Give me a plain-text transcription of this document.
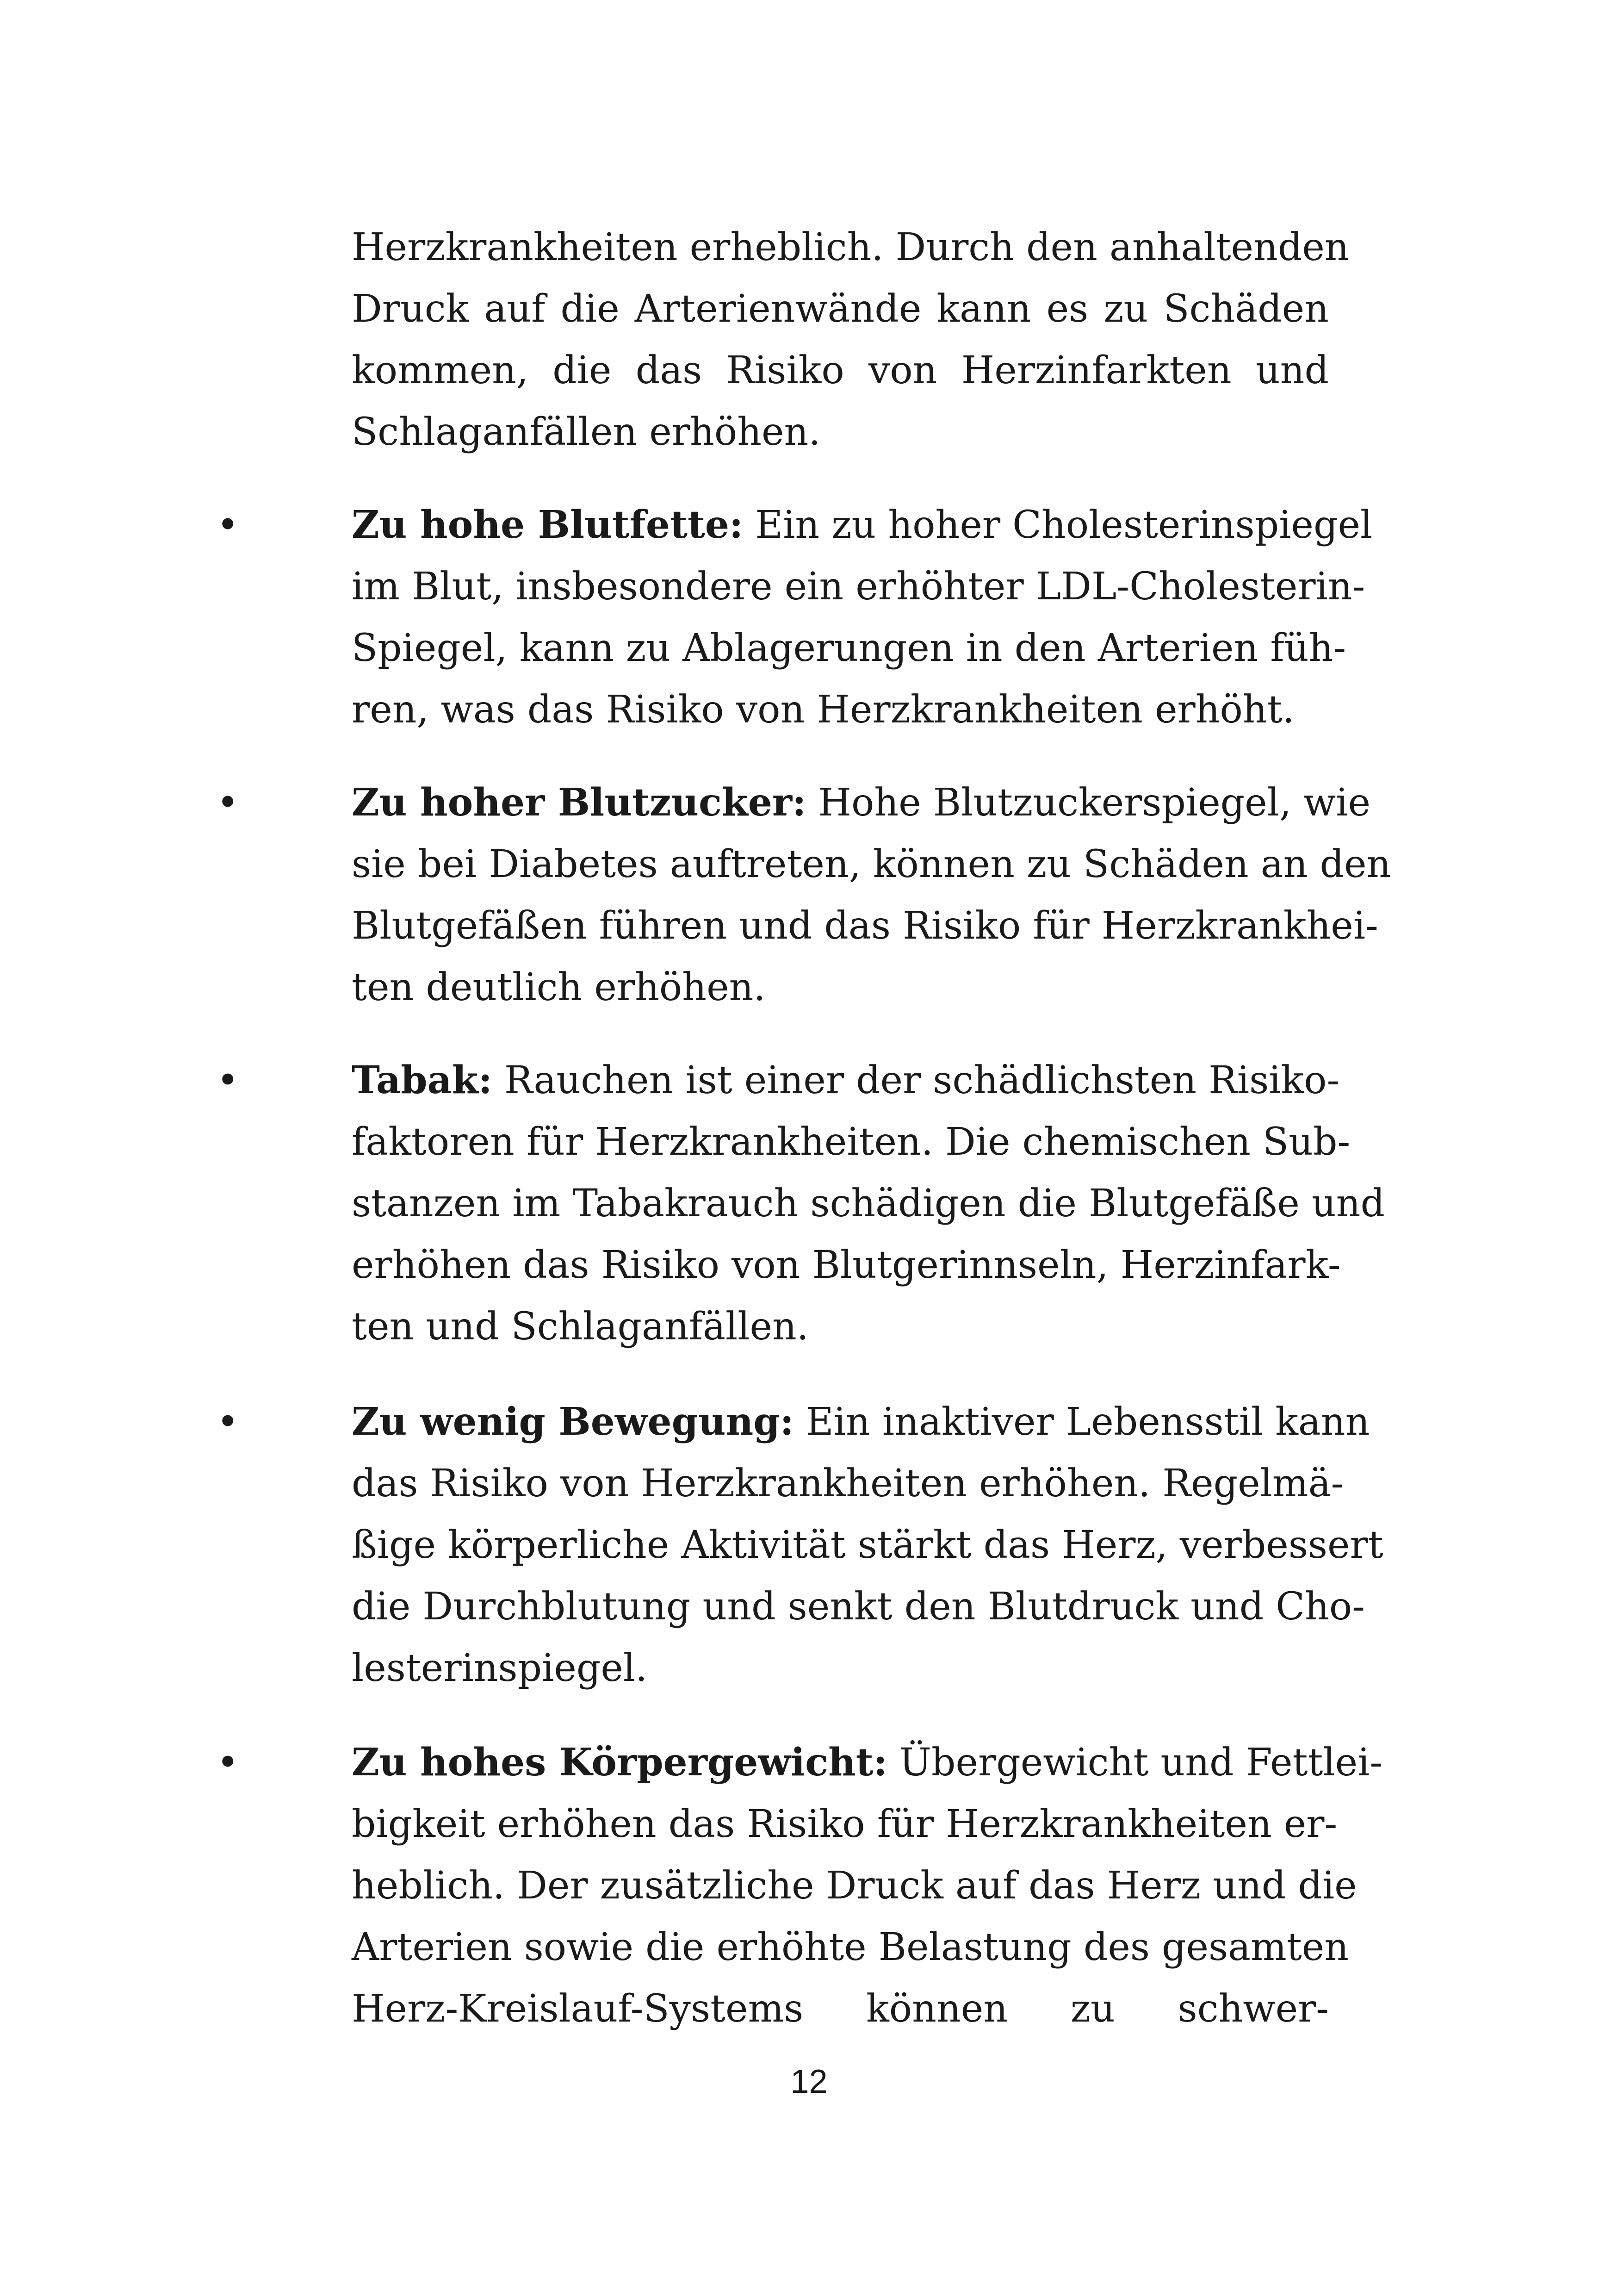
Herzkrankheiten erheblich. Durch den anhaltenden
Druck auf die Arterienwände kann es zu Schäden
kommen, die das Risiko von Herzinfarkten und
Schlaganfällen erhöhen.
•	Zu hohe Blutfette: Ein zu hoher Cholesterinspiegel
im Blut, insbesondere ein erhöhter LDL-Cholesterin-
Spiegel, kann zu Ablagerungen in den Arterien füh-
ren, was das Risiko von Herzkrankheiten erhöht.
•	Zu hoher Blutzucker: Hohe Blutzuckerspiegel, wie
sie bei Diabetes auftreten, können zu Schäden an den
Blutgefäßen führen und das Risiko für Herzkrankhei-
ten deutlich erhöhen.
•	Tabak: Rauchen ist einer der schädlichsten Risiko-
faktoren für Herzkrankheiten. Die chemischen Sub-
stanzen im Tabakrauch schädigen die Blutgefäße und
erhöhen das Risiko von Blutgerinnseln, Herzinfark-
ten und Schlaganfällen.
•	Zu wenig Bewegung: Ein inaktiver Lebensstil kann
das Risiko von Herzkrankheiten erhöhen. Regelmä-
ßige körperliche Aktivität stärkt das Herz, verbessert
die Durchblutung und senkt den Blutdruck und Cho-
lesterinspiegel.
•	Zu hohes Körpergewicht: Übergewicht und Fettlei-
bigkeit erhöhen das Risiko für Herzkrankheiten er-
heblich. Der zusätzliche Druck auf das Herz und die
Arterien sowie die erhöhte Belastung des gesamten
Herz-Kreislauf-Systems können zu schwer-
12
